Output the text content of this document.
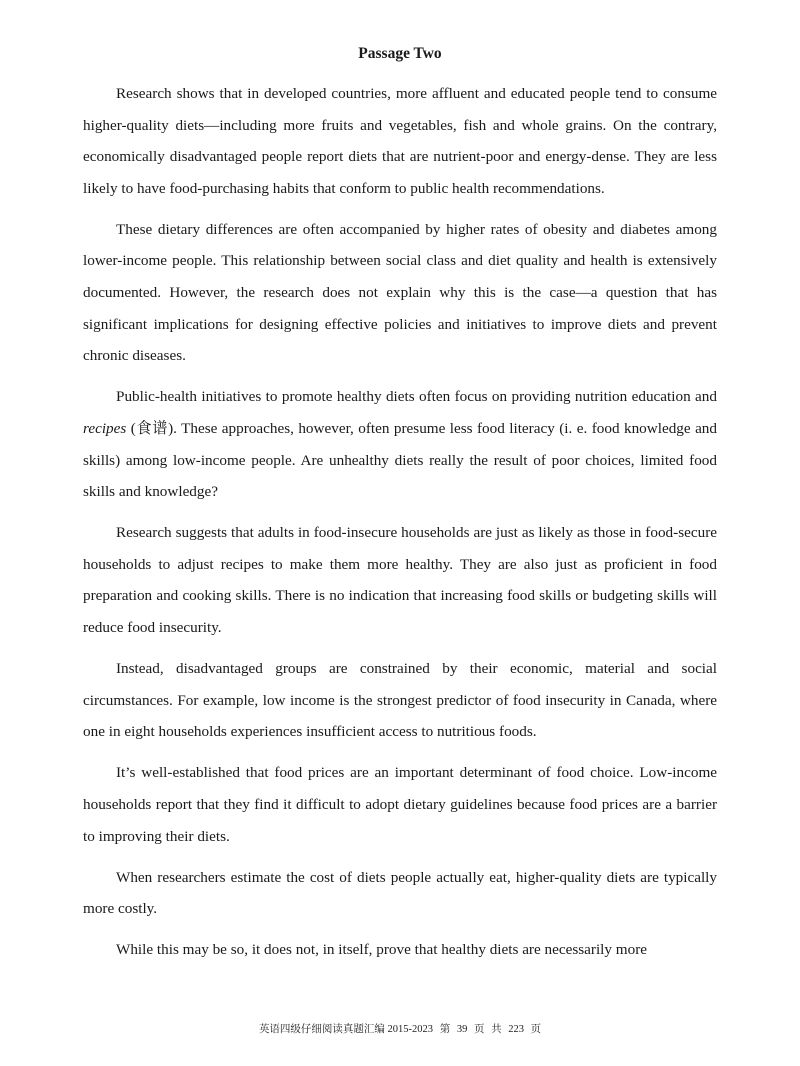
Passage Two

Research shows that in developed countries, more affluent and educated people tend to consume higher-quality diets—including more fruits and vegetables, fish and whole grains. On the contrary, economically disadvantaged people report diets that are nutrient-poor and energy-dense. They are less likely to have food-purchasing habits that conform to public health recommendations.

These dietary differences are often accompanied by higher rates of obesity and diabetes among lower-income people. This relationship between social class and diet quality and health is extensively documented. However, the research does not explain why this is the case—a question that has significant implications for designing effective policies and initiatives to improve diets and prevent chronic diseases.

Public-health initiatives to promote healthy diets often focus on providing nutrition education and recipes (食谱). These approaches, however, often presume less food literacy (i. e. food knowledge and skills) among low-income people. Are unhealthy diets really the result of poor choices, limited food skills and knowledge?

Research suggests that adults in food-insecure households are just as likely as those in food-secure households to adjust recipes to make them more healthy. They are also just as proficient in food preparation and cooking skills. There is no indication that increasing food skills or budgeting skills will reduce food insecurity.

Instead, disadvantaged groups are constrained by their economic, material and social circumstances. For example, low income is the strongest predictor of food insecurity in Canada, where one in eight households experiences insufficient access to nutritious foods.

It’s well-established that food prices are an important determinant of food choice. Low-income households report that they find it difficult to adopt dietary guidelines because food prices are a barrier to improving their diets.

When researchers estimate the cost of diets people actually eat, higher-quality diets are typically more costly.

While this may be so, it does not, in itself, prove that healthy diets are necessarily more

英语四级仔细阅读真题汇编 2015-2023 第 39 页 共 223 页
